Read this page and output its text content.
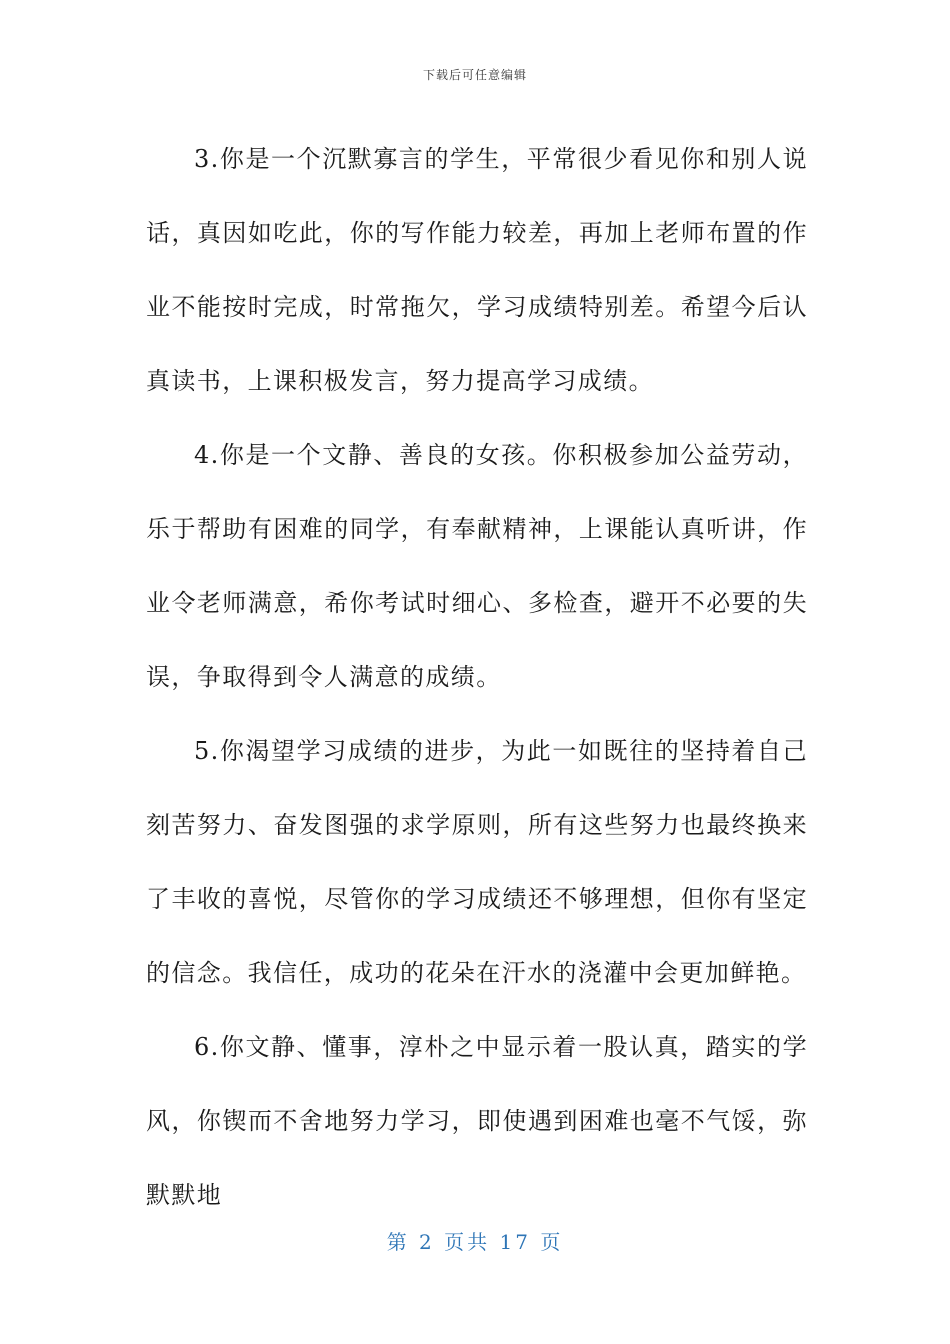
下载后可任意编辑

3.你是一个沉默寡言的学生，平常很少看见你和别人说话，真因如吃此，你的写作能力较差，再加上老师布置的作业不能按时完成，时常拖欠，学习成绩特别差。希望今后认真读书，上课积极发言，努力提高学习成绩。

4.你是一个文静、善良的女孩。你积极参加公益劳动，乐于帮助有困难的同学，有奉献精神，上课能认真听讲，作业令老师满意，希你考试时细心、多检查，避开不必要的失误，争取得到令人满意的成绩。

5.你渴望学习成绩的进步，为此一如既往的坚持着自己刻苦努力、奋发图强的求学原则，所有这些努力也最终换来了丰收的喜悦，尽管你的学习成绩还不够理想，但你有坚定的信念。我信任，成功的花朵在汗水的浇灌中会更加鲜艳。

6.你文静、懂事，淳朴之中显示着一股认真，踏实的学风，你锲而不舍地努力学习，即使遇到困难也毫不气馁，弥默默地

第 2 页共 17 页
